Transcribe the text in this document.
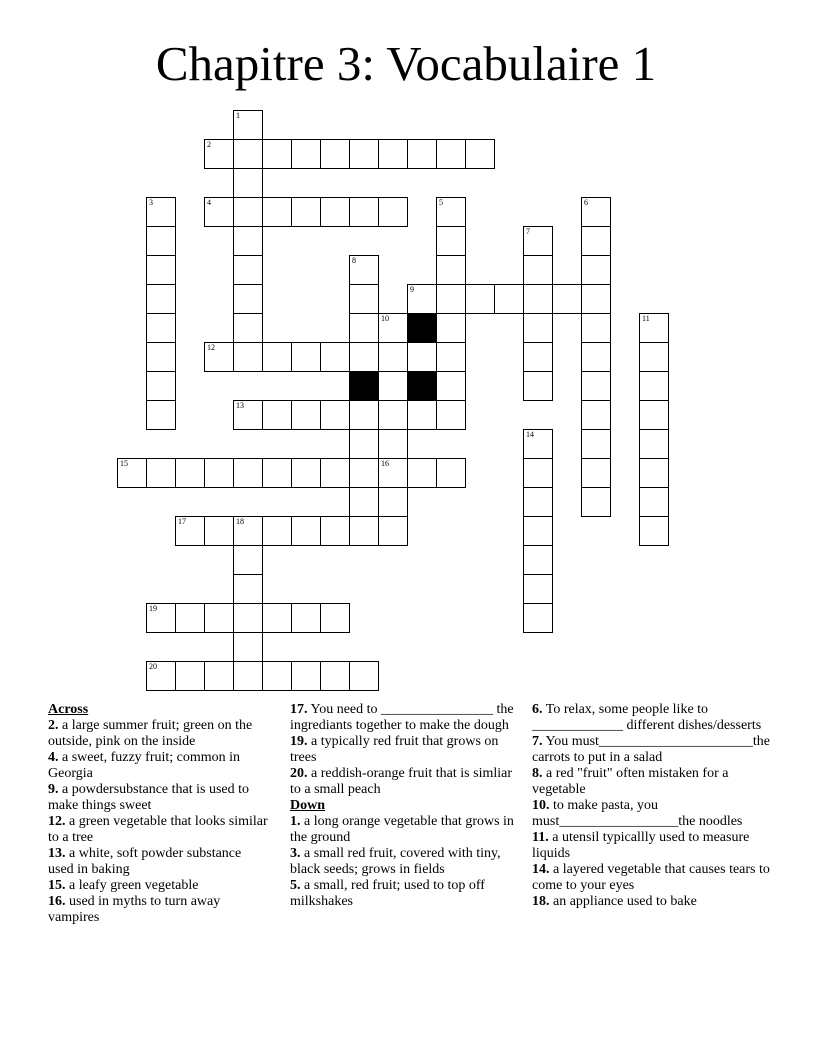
Chapitre 3: Vocabulaire 1
2
4
9
12
13
15	16
17	18
19
20
1
3	5	6
7
8
10	11
14
Across
2. a large summer fruit; green on the outside, pink on the inside
4. a sweet, fuzzy fruit; common in Georgia
9. a powdersubstance that is used to make things sweet
12. a green vegetable that looks similar to a tree
13. a white, soft powder substance used in baking
15. a leafy green vegetable
16. used in myths to turn away vampires
17. You need to ________________ the ingrediants together to make the dough
19. a typically red fruit that grows on trees
20. a reddish-orange fruit that is simliar to a small peach
Down
1. a long orange vegetable that grows in the ground
3. a small red fruit, covered with tiny, black seeds; grows in fields
5. a small, red fruit; used to top off milkshakes
6. To relax, some people like to _____________ different dishes/desserts
7. You must______________________the carrots to put in a salad
8. a red "fruit" often mistaken for a vegetable
10. to make pasta, you must_________________the noodles
11. a utensil typicallly used to measure liquids
14. a layered vegetable that causes tears to come to your eyes
18. an appliance used to bake
